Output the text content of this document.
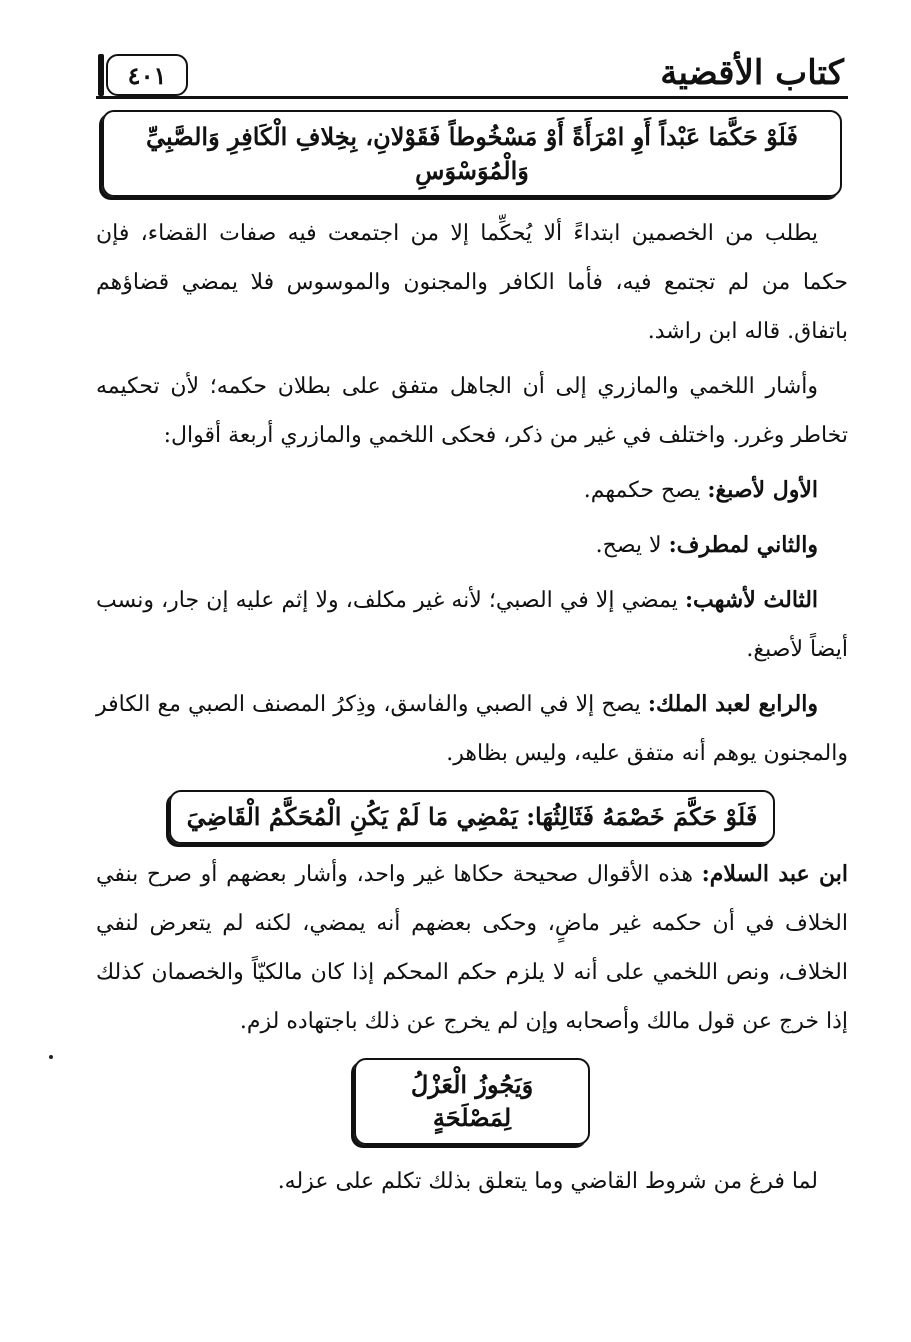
كتاب الأقضية
٤٠١
فَلَوْ حَكَّمَا عَبْداً أَوِ امْرَأَةً أَوْ مَسْخُوطاً فَقَوْلانِ، بِخِلافِ الْكَافِرِ وَالصَّبِيِّ وَالْمُوَسْوَسِ

يطلب من الخصمين ابتداءً ألا يُحكِّما إلا من اجتمعت فيه صفات القضاء، فإن حكما من لم تجتمع فيه، فأما الكافر والمجنون والموسوس فلا يمضي قضاؤهم باتفاق. قاله ابن راشد.

وأشار اللخمي والمازري إلى أن الجاهل متفق على بطلان حكمه؛ لأن تحكيمه تخاطر وغرر. واختلف في غير من ذكر، فحكى اللخمي والمازري أربعة أقوال:

الأول لأصبغ: يصح حكمهم.

والثاني لمطرف: لا يصح.

الثالث لأشهب: يمضي إلا في الصبي؛ لأنه غير مكلف، ولا إثم عليه إن جار، ونسب أيضاً لأصبغ.

والرابع لعبد الملك: يصح إلا في الصبي والفاسق، وذِكرُ المصنف الصبي مع الكافر والمجنون يوهم أنه متفق عليه، وليس بظاهر.

فَلَوْ حَكَّمَ خَصْمَهُ فَثَالِثُهَا: يَمْضِي مَا لَمْ يَكُنِ الْمُحَكَّمُ الْقَاضِيَ

ابن عبد السلام: هذه الأقوال صحيحة حكاها غير واحد، وأشار بعضهم أو صرح بنفي الخلاف في أن حكمه غير ماضٍ، وحكى بعضهم أنه يمضي، لكنه لم يتعرض لنفي الخلاف، ونص اللخمي على أنه لا يلزم حكم المحكم إذا كان مالكيّاً والخصمان كذلك إذا خرج عن قول مالك وأصحابه وإن لم يخرج عن ذلك باجتهاده لزم.

وَيَجُوزُ الْعَزْلُ لِمَصْلَحَةٍ

لما فرغ من شروط القاضي وما يتعلق بذلك تكلم على عزله.
